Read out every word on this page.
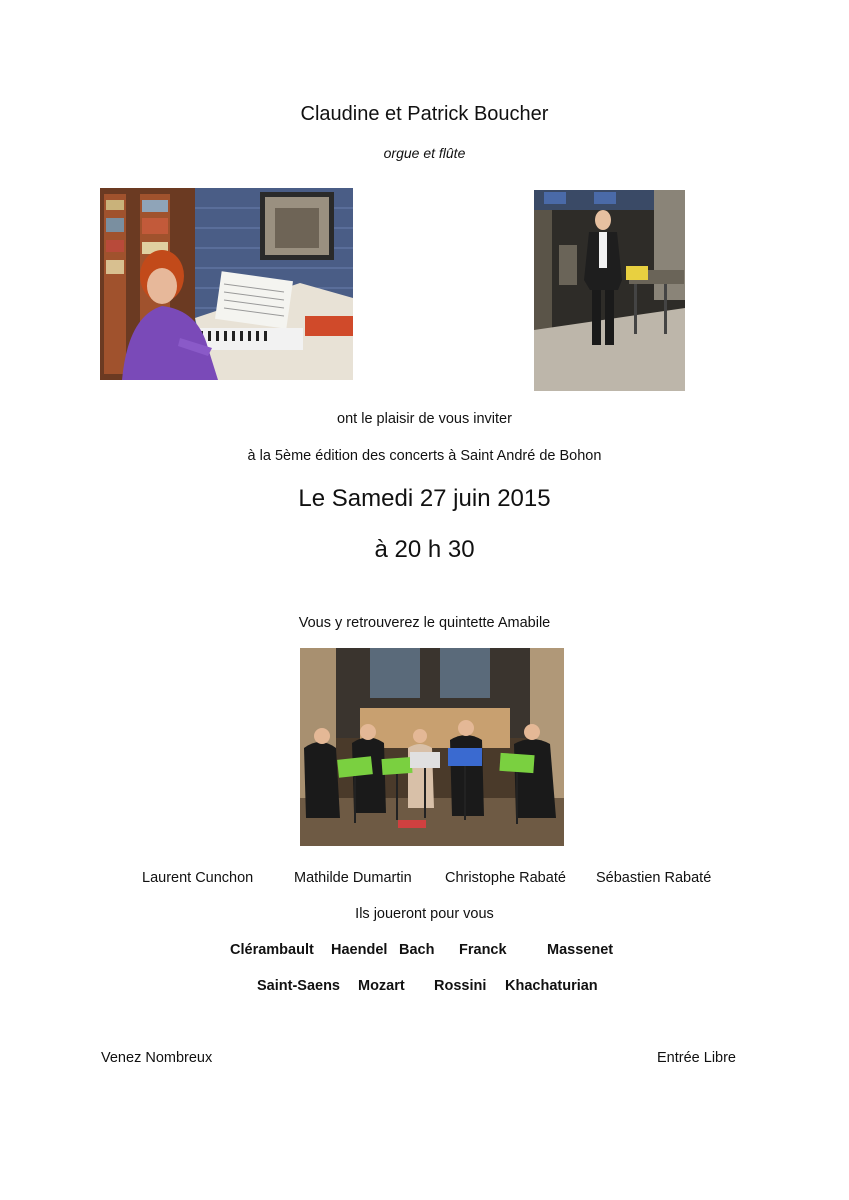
Claudine et Patrick Boucher
orgue et flûte
ont le plaisir de vous inviter
à la 5ème édition des concerts à Saint André de Bohon
Le Samedi 27 juin 2015
à 20 h 30
Vous y retrouverez le quintette Amabile
Laurent Cunchon	Mathilde Dumartin Christophe Rabaté Sébastien Rabaté
Ils joueront pour vous
Clérambault Haendel Bach Franck	Massenet
Saint-Saens Mozart Rossini Khachaturian
Venez Nombreux	Entrée Libre
